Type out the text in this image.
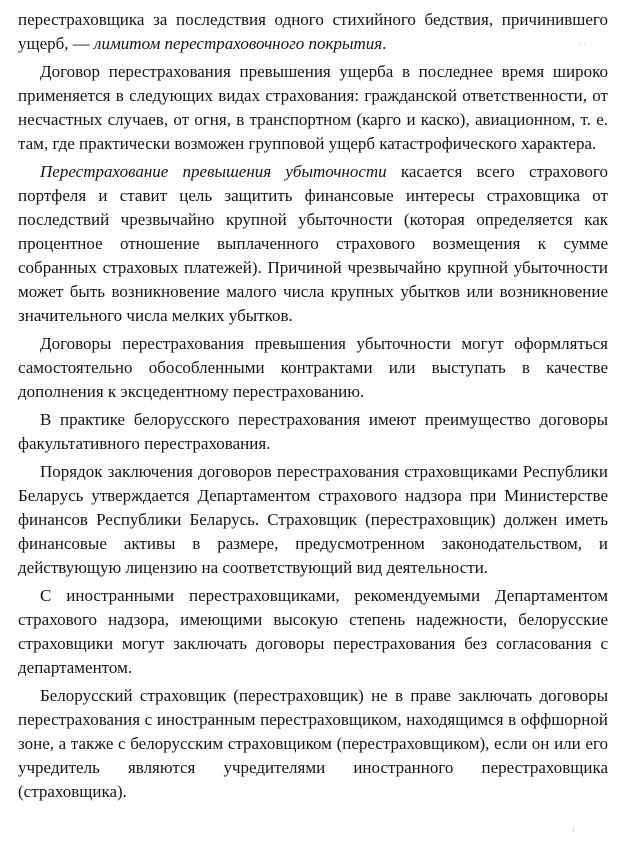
перестраховщика за последствия одного стихийного бедствия, причинившего ущерб, — лимитом перестраховочного покрытия.

Договор перестрахования превышения ущерба в последнее время широко применяется в следующих видах страхования: гражданской ответственности, от несчастных случаев, от огня, в транспортном (карго и каско), авиационном, т. е. там, где практически возможен групповой ущерб катастрофического характера.

Перестрахование превышения убыточности касается всего страхового портфеля и ставит цель защитить финансовые интересы страховщика от последствий чрезвычайно крупной убыточности (которая определяется как процентное отношение выплаченного страхового возмещения к сумме собранных страховых платежей). Причиной чрезвычайно крупной убыточности может быть возникновение малого числа крупных убытков или возникновение значительного числа мелких убытков.

Договоры перестрахования превышения убыточности могут оформляться самостоятельно обособленными контрактами или выступать в качестве дополнения к эксцедентному перестрахованию.

В практике белорусского перестрахования имеют преимущество договоры факультативного перестрахования.

Порядок заключения договоров перестрахования страховщиками Республики Беларусь утверждается Департаментом страхового надзора при Министерстве финансов Республики Беларусь. Страховщик (перестраховщик) должен иметь финансовые активы в размере, предусмотренном законодательством, и действующую лицензию на соответствующий вид деятельности.

С иностранными перестраховщиками, рекомендуемыми Департаментом страхового надзора, имеющими высокую степень надежности, белорусские страховщики могут заключать договоры перестрахования без согласования с департаментом.

Белорусский страховщик (перестраховщик) не в праве заключать договоры перестрахования с иностранным перестраховщиком, находящимся в оффшорной зоне, а также с белорусским страховщиком (перестраховщиком), если он или его учредитель являются учредителями иностранного перестраховщика (страховщика).

· ·
⁝
